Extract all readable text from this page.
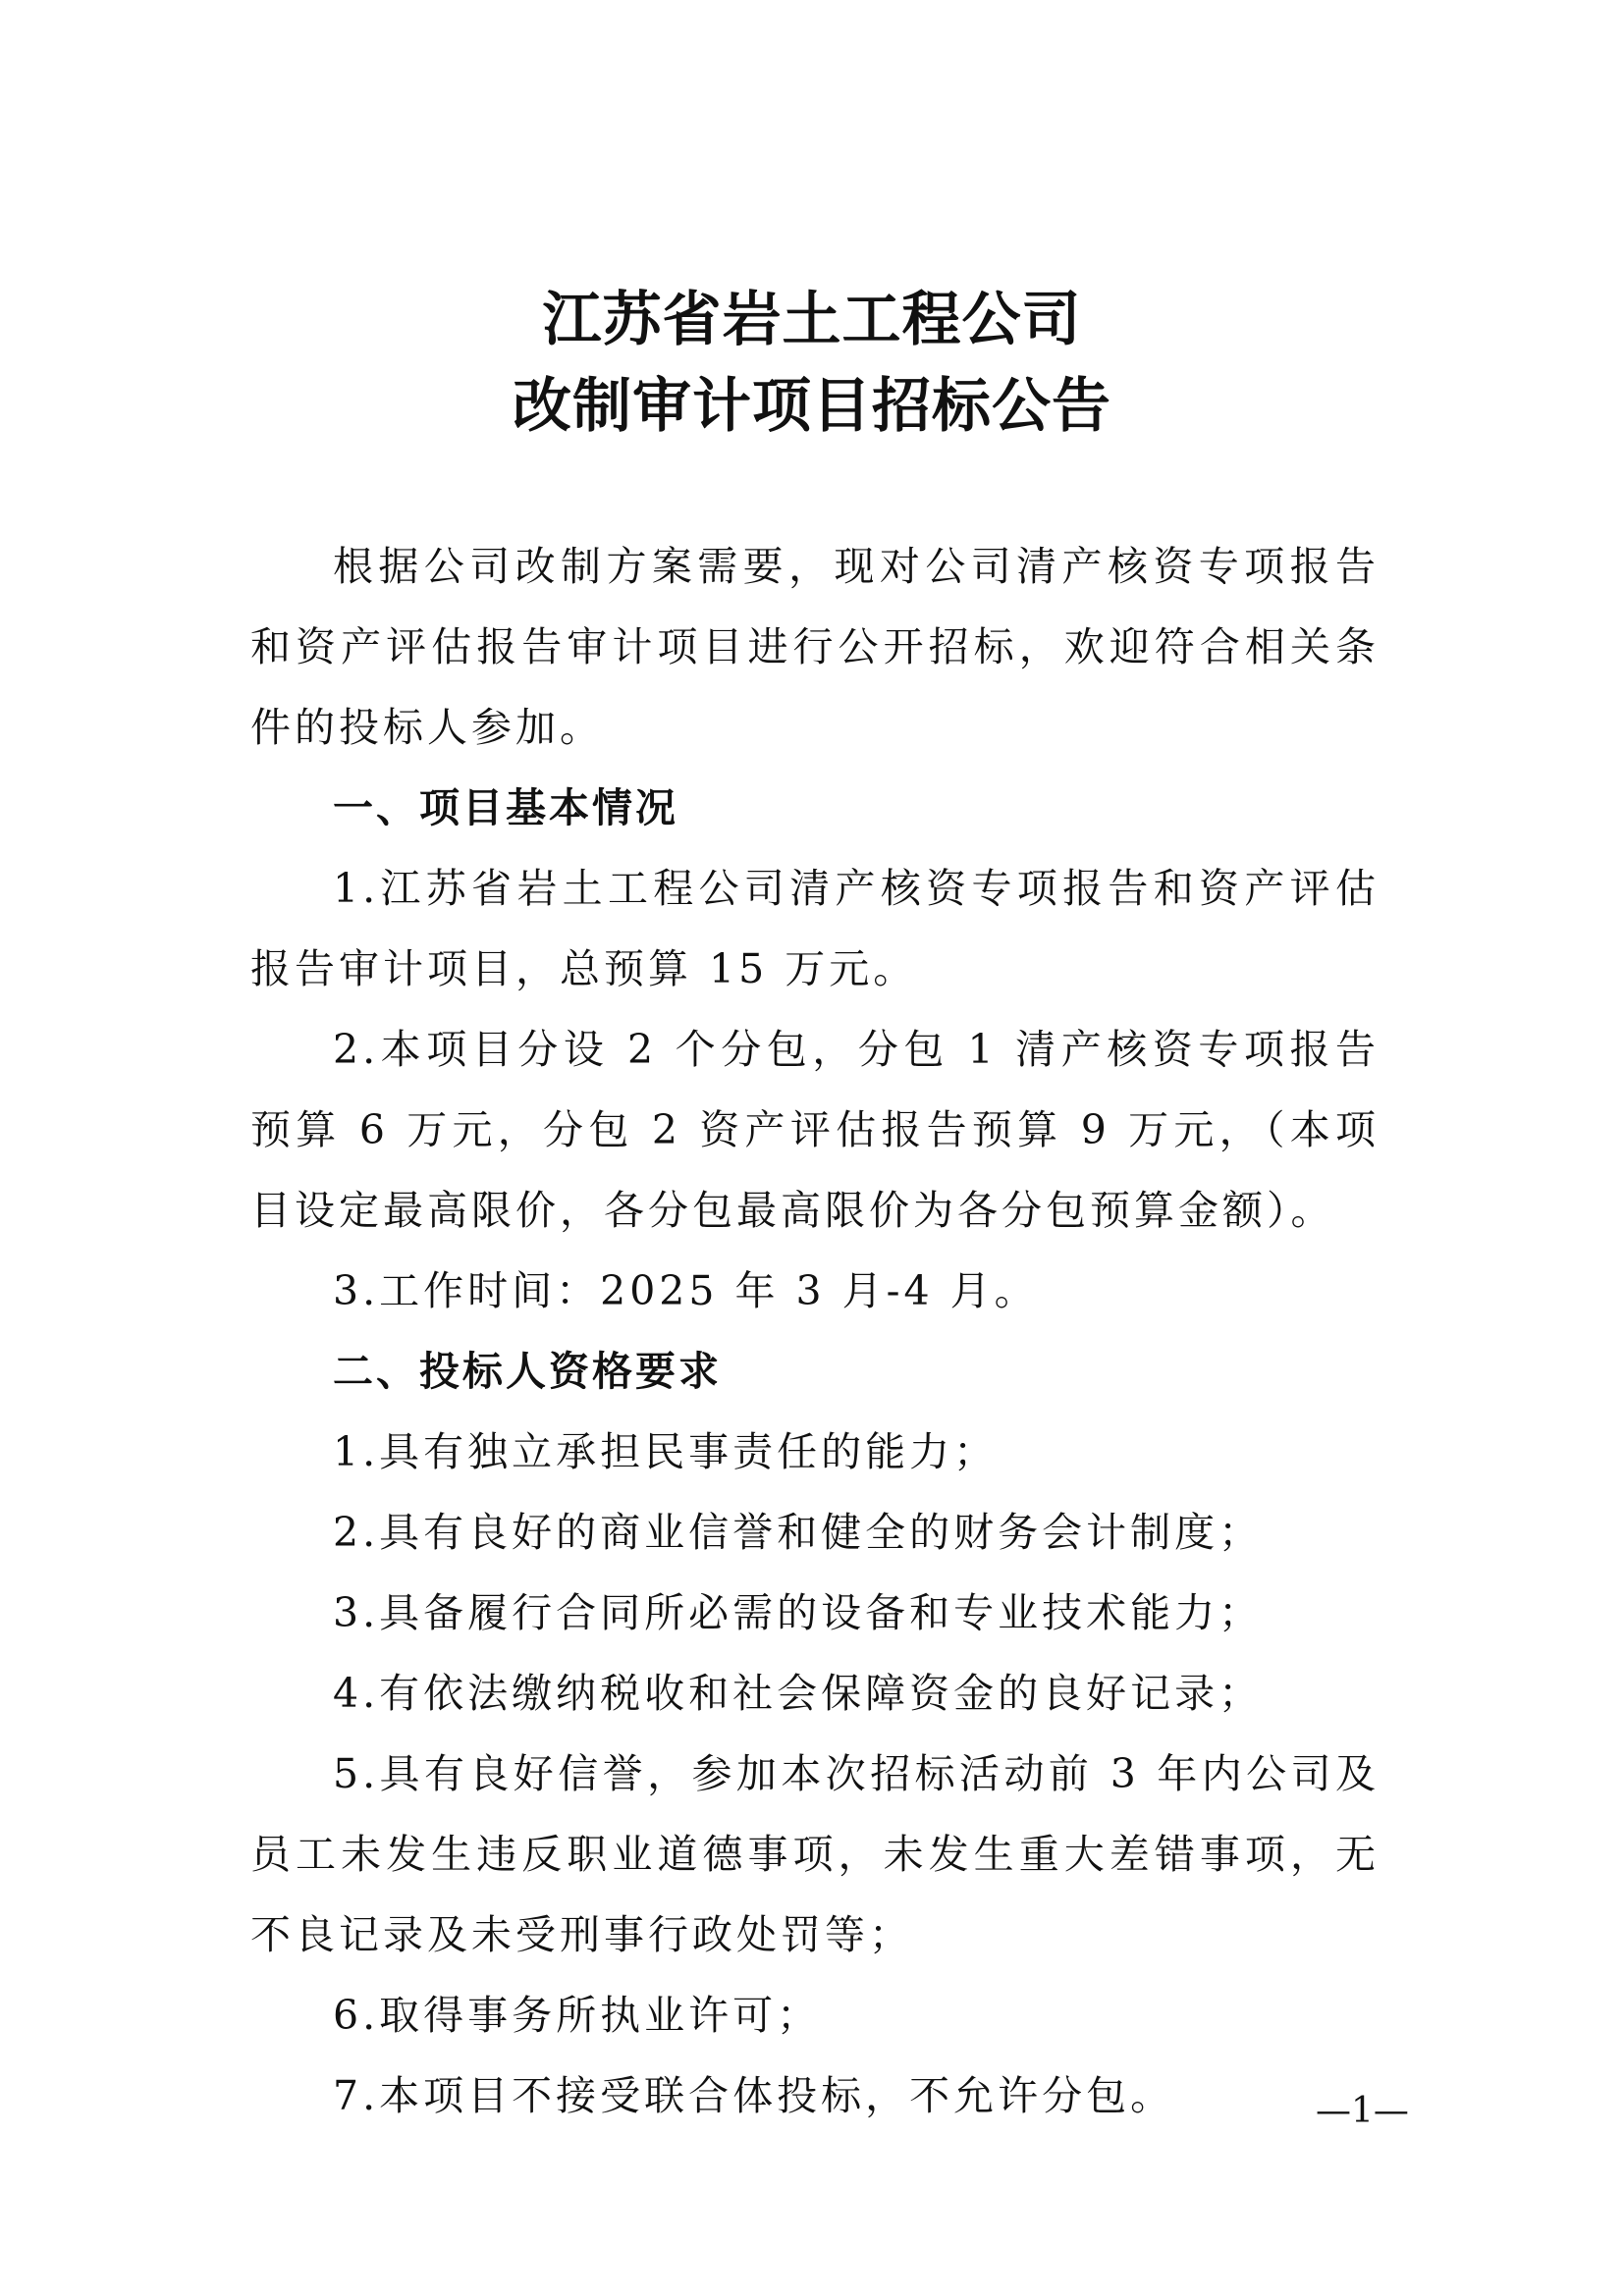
江苏省岩土工程公司
改制审计项目招标公告

根据公司改制方案需要，现对公司清产核资专项报告和资产评估报告审计项目进行公开招标，欢迎符合相关条件的投标人参加。

一、项目基本情况

1.江苏省岩土工程公司清产核资专项报告和资产评估报告审计项目，总预算 15 万元。

2.本项目分设 2 个分包，分包 1 清产核资专项报告预算 6 万元，分包 2 资产评估报告预算 9 万元，（本项目设定最高限价，各分包最高限价为各分包预算金额）。

3.工作时间：2025 年 3 月-4 月。

二、投标人资格要求

1.具有独立承担民事责任的能力；

2.具有良好的商业信誉和健全的财务会计制度；

3.具备履行合同所必需的设备和专业技术能力；

4.有依法缴纳税收和社会保障资金的良好记录；

5.具有良好信誉，参加本次招标活动前 3 年内公司及员工未发生违反职业道德事项，未发生重大差错事项，无不良记录及未受刑事行政处罚等；

6.取得事务所执业许可；

7.本项目不接受联合体投标，不允许分包。	—1—
